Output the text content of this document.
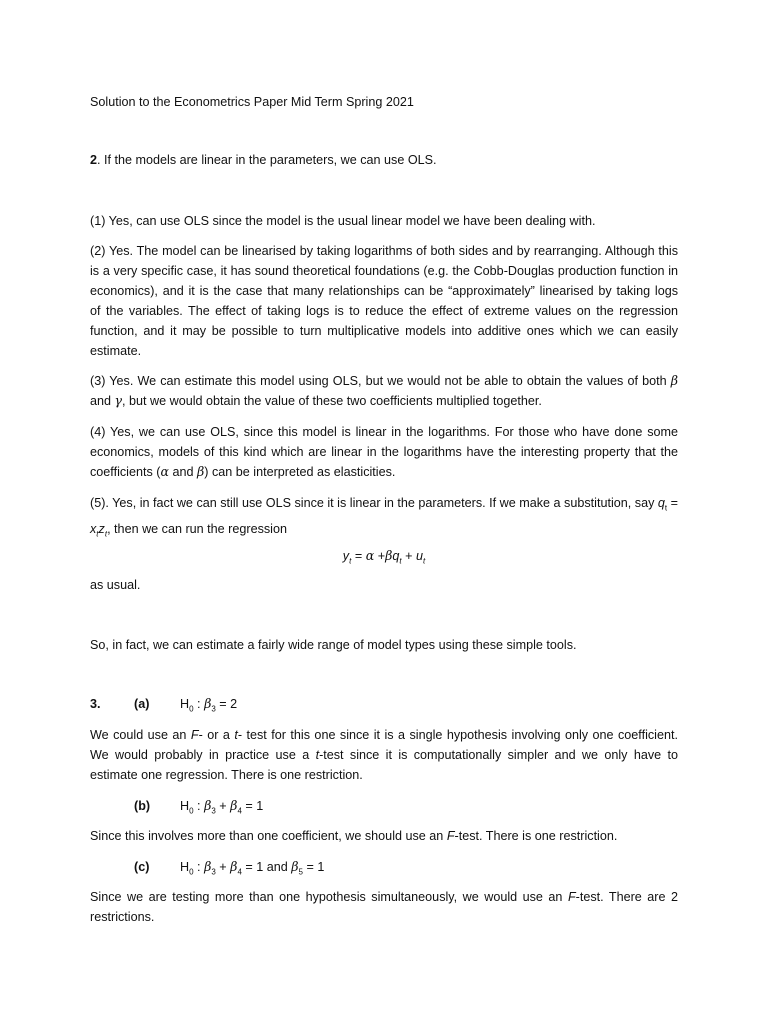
Solution to the Econometrics Paper Mid Term Spring 2021
2. If the models are linear in the parameters, we can use OLS.
(1) Yes, can use OLS since the model is the usual linear model we have been dealing with.
(2) Yes. The model can be linearised by taking logarithms of both sides and by rearranging. Although this
is a very specific case, it has sound theoretical foundations (e.g. the Cobb-Douglas production function in
economics), and it is the case that many relationships can be “approximately” linearised by taking logs
of the variables. The effect of taking logs is to reduce the effect of extreme values on the regression
function, and it may be possible to turn multiplicative models into additive ones which we can easily
estimate.
(3) Yes. We can estimate this model using OLS, but we would not be able to obtain the values of both β
and γ, but we would obtain the value of these two coefficients multiplied together.
(4) Yes, we can use OLS, since this model is linear in the logarithms. For those who have done some
economics, models of this kind which are linear in the logarithms have the interesting property that the
coefficients (α and β) can be interpreted as elasticities.
(5). Yes, in fact we can still use OLS since it is linear in the parameters. If we make a substitution, say $q_t$ =
$x_tz_t$, then we can run the regression
$y_t = \alpha +\beta q_t + u_t$
as usual.
So, in fact, we can estimate a fairly wide range of model types using these simple tools.
3.	(a) $H_0$ : $\beta_3 = 2$
We could use an F- or a t- test for this one since it is a single hypothesis involving only one coefficient.
We would probably in practice use a t-test since it is computationally simpler and we only have to
estimate one regression. There is one restriction.
(b) $H_0$ : $\beta_3 + \beta_4 = 1$
Since this involves more than one coefficient, we should use an F-test. There is one restriction.
(c) $H_0$ : $\beta_3 + \beta_4 = 1$ and $\beta_5 = 1$
Since we are testing more than one hypothesis simultaneously, we would use an F-test. There are 2
restrictions.
